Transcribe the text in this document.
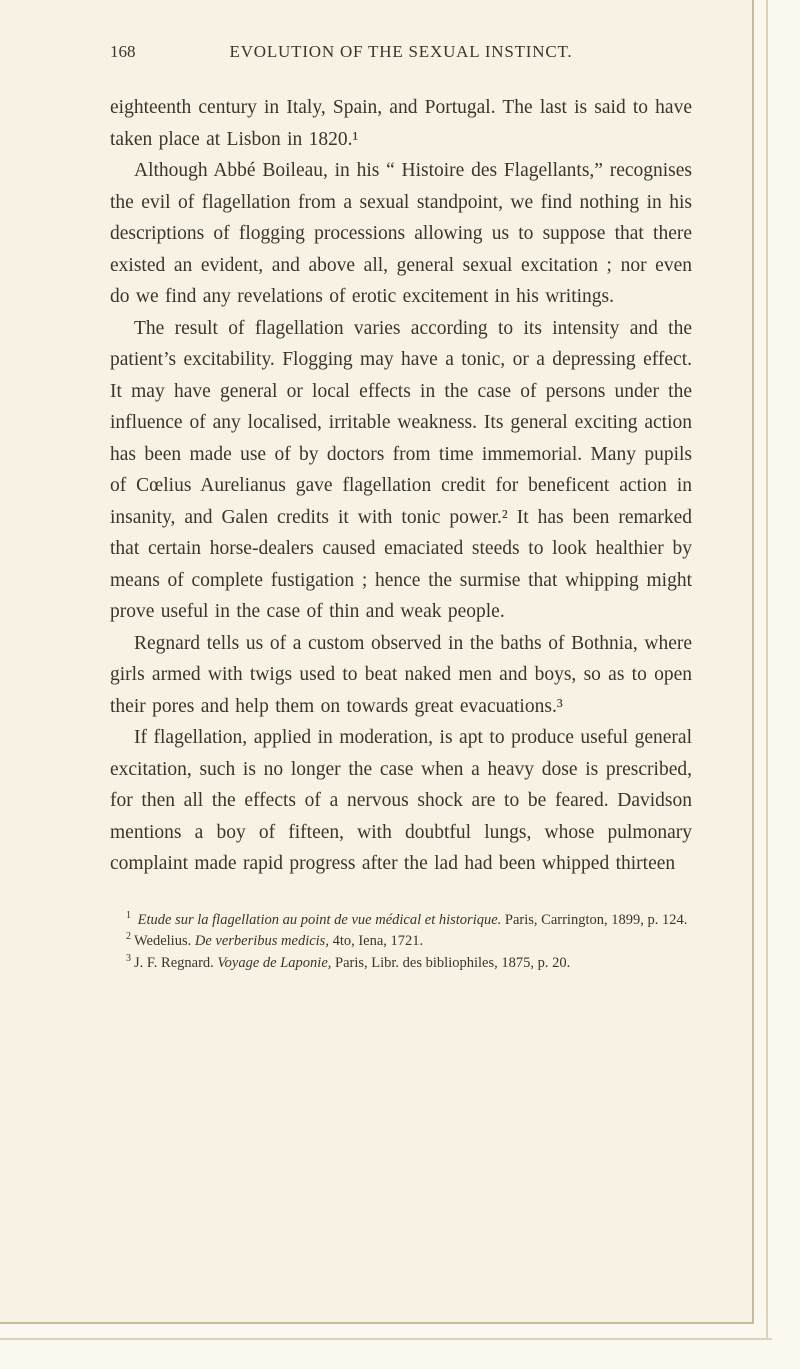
168	EVOLUTION OF THE SEXUAL INSTINCT.

eighteenth century in Italy, Spain, and Portugal. The last is said to have taken place at Lisbon in 1820.¹

Although Abbé Boileau, in his “ Histoire des Flagellants,” recognises the evil of flagellation from a sexual standpoint, we find nothing in his descriptions of flogging processions allowing us to suppose that there existed an evident, and above all, general sexual excitation ; nor even do we find any revelations of erotic excitement in his writings.

The result of flagellation varies according to its intensity and the patient’s excitability. Flogging may have a tonic, or a depressing effect. It may have general or local effects in the case of persons under the influence of any localised, irritable weakness. Its general exciting action has been made use of by doctors from time immemorial. Many pupils of Cœlius Aurelianus gave flagellation credit for beneficent action in insanity, and Galen credits it with tonic power.² It has been remarked that certain horse-dealers caused emaciated steeds to look healthier by means of complete fustigation ; hence the surmise that whipping might prove useful in the case of thin and weak people.

Regnard tells us of a custom observed in the baths of Bothnia, where girls armed with twigs used to beat naked men and boys, so as to open their pores and help them on towards great evacuations.³

If flagellation, applied in moderation, is apt to produce useful general excitation, such is no longer the case when a heavy dose is prescribed, for then all the effects of a nervous shock are to be feared. Davidson mentions a boy of fifteen, with doubtful lungs, whose pulmonary complaint made rapid progress after the lad had been whipped thirteen

$^1$ Etude sur la flagellation au point de vue médical et historique. Paris, Carrington, 1899, p. 124.

$^2$ Wedelius. De verberibus medicis, 4to, Iena, 1721.

$^3$ J. F. Regnard. Voyage de Laponie, Paris, Libr. des bibliophiles, 1875, p. 20.
